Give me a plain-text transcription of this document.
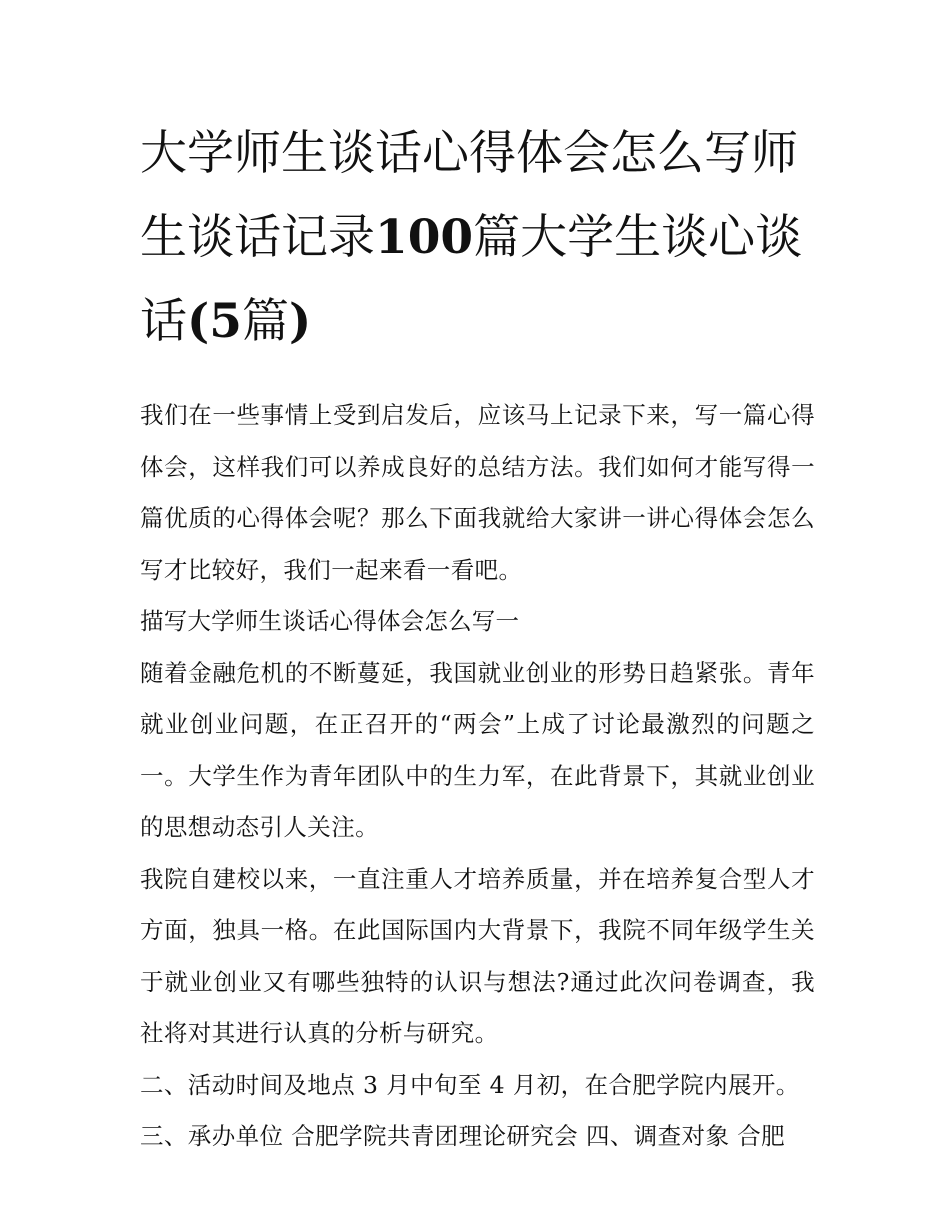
大学师生谈话心得体会怎么写师生谈话记录100篇大学生谈心谈话(5篇)

我们在一些事情上受到启发后，应该马上记录下来，写一篇心得体会，这样我们可以养成良好的总结方法。我们如何才能写得一篇优质的心得体会呢？那么下面我就给大家讲一讲心得体会怎么写才比较好，我们一起来看一看吧。

描写大学师生谈话心得体会怎么写一

随着金融危机的不断蔓延，我国就业创业的形势日趋紧张。青年就业创业问题，在正召开的“两会”上成了讨论最激烈的问题之一。大学生作为青年团队中的生力军，在此背景下，其就业创业的思想动态引人关注。

我院自建校以来，一直注重人才培养质量，并在培养复合型人才方面，独具一格。在此国际国内大背景下，我院不同年级学生关于就业创业又有哪些独特的认识与想法?通过此次问卷调查，我社将对其进行认真的分析与研究。

二、活动时间及地点 3 月中旬至 4 月初，在合肥学院内展开。

三、承办单位 合肥学院共青团理论研究会 四、调查对象 合肥
